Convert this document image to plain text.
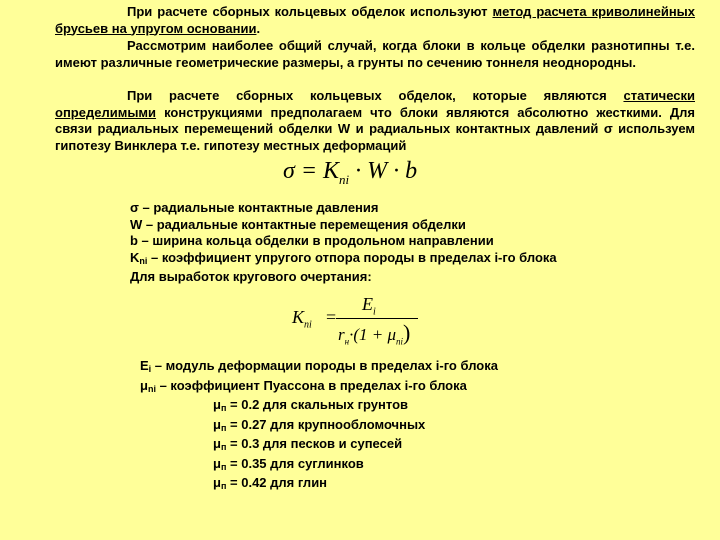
При расчете сборных кольцевых обделок используют метод расчета криволинейных брусьев на упругом основании.
Рассмотрим наиболее общий случай, когда блоки в кольце обделки разнотипны т.е. имеют различные геометрические размеры, а грунты по сечению тоннеля неоднородны.
При расчете сборных кольцевых обделок, которые являются статически определимыми конструкциями предполагаем что блоки являются абсолютно жесткими. Для связи радиальных перемещений обделки W и радиальных контактных давлений σ используем гипотезу Винклера т.е. гипотезу местных деформаций
$\sigma = K_{ni} \cdot W \cdot b$
σ – радиальные контактные давления
W – радиальные контактные перемещения обделки
b – ширина кольца обделки в продольном направлении
Kni – коэффициент упругого отпора породы в пределах i-го блока
Для выработок кругового очертания:
$K_{ni}$ =
$E_i$
$r_н\cdot(1 + \mu_{ni})$
Ei – модуль деформации породы в пределах i-го блока
μni – коэффициент Пуассона в пределах i-го блока
μп = 0.2 для скальных грунтов
μп = 0.27 для крупнообломочных
μп = 0.3 для песков и супесей
μп = 0.35 для суглинков
μп = 0.42 для глин
